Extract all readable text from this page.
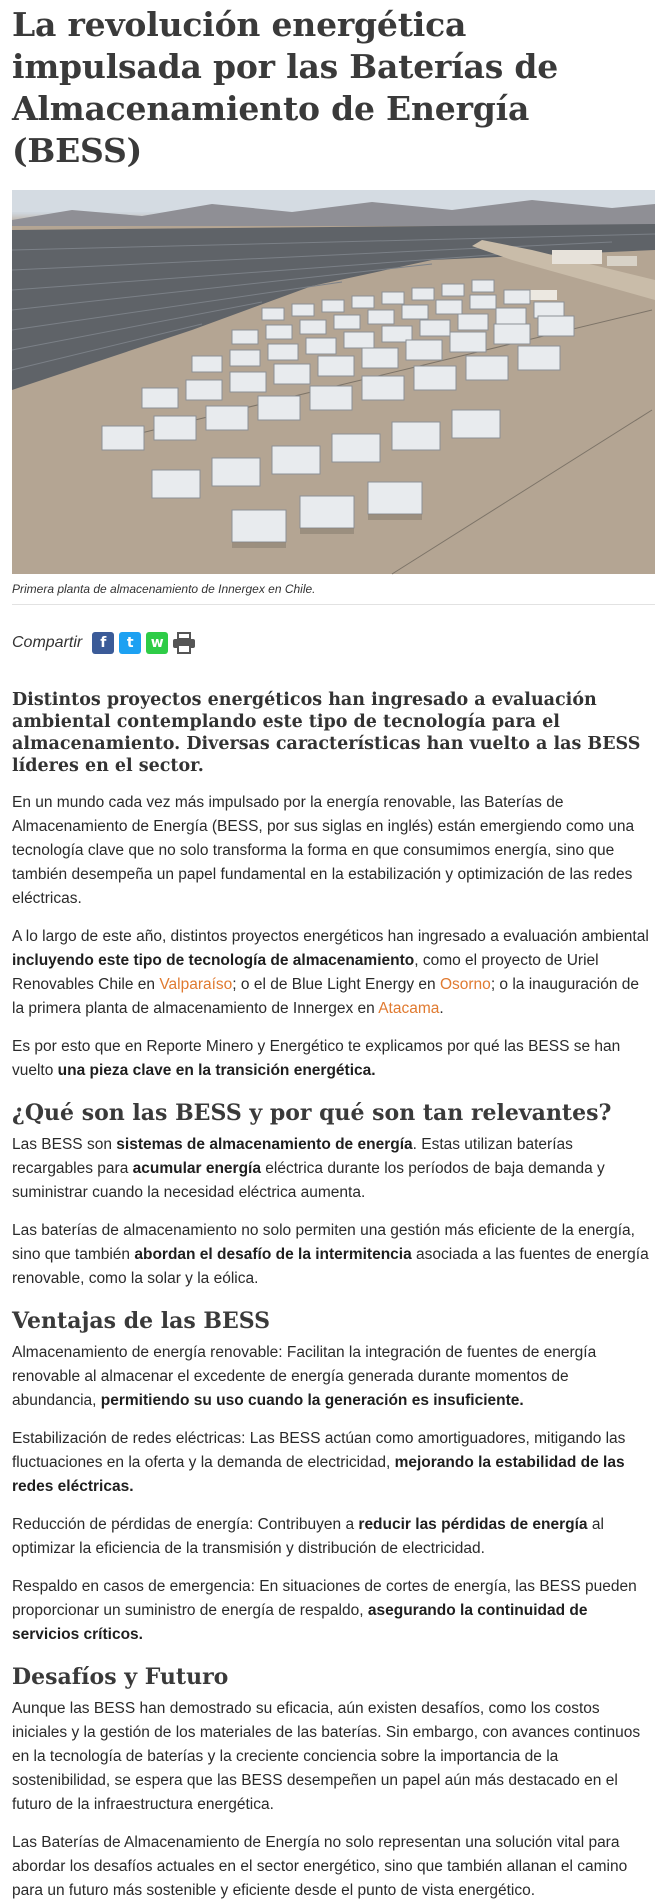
La revolución energética impulsada por las Baterías de Almacenamiento de Energía (BESS)
Primera planta de almacenamiento de Innergex en Chile.
Compartir f t w
Distintos proyectos energéticos han ingresado a evaluación ambiental contemplando este tipo de tecnología para el almacenamiento. Diversas características han vuelto a las BESS líderes en el sector.

En un mundo cada vez más impulsado por la energía renovable, las Baterías de Almacenamiento de Energía (BESS, por sus siglas en inglés) están emergiendo como una tecnología clave que no solo transforma la forma en que consumimos energía, sino que también desempeña un papel fundamental en la estabilización y optimización de las redes eléctricas.

A lo largo de este año, distintos proyectos energéticos han ingresado a evaluación ambiental incluyendo este tipo de tecnología de almacenamiento, como el proyecto de Uriel Renovables Chile en Valparaíso; o el de Blue Light Energy en Osorno; o la inauguración de la primera planta de almacenamiento de Innergex en Atacama.

Es por esto que en Reporte Minero y Energético te explicamos por qué las BESS se han vuelto una pieza clave en la transición energética.

¿Qué son las BESS y por qué son tan relevantes?

Las BESS son sistemas de almacenamiento de energía. Estas utilizan baterías recargables para acumular energía eléctrica durante los períodos de baja demanda y suministrar cuando la necesidad eléctrica aumenta.

Las baterías de almacenamiento no solo permiten una gestión más eficiente de la energía, sino que también abordan el desafío de la intermitencia asociada a las fuentes de energía renovable, como la solar y la eólica.

Ventajas de las BESS

Almacenamiento de energía renovable: Facilitan la integración de fuentes de energía renovable al almacenar el excedente de energía generada durante momentos de abundancia, permitiendo su uso cuando la generación es insuficiente.

Estabilización de redes eléctricas: Las BESS actúan como amortiguadores, mitigando las fluctuaciones en la oferta y la demanda de electricidad, mejorando la estabilidad de las redes eléctricas.

Reducción de pérdidas de energía: Contribuyen a reducir las pérdidas de energía al optimizar la eficiencia de la transmisión y distribución de electricidad.

Respaldo en casos de emergencia: En situaciones de cortes de energía, las BESS pueden proporcionar un suministro de energía de respaldo, asegurando la continuidad de servicios críticos.

Desafíos y Futuro

Aunque las BESS han demostrado su eficacia, aún existen desafíos, como los costos iniciales y la gestión de los materiales de las baterías. Sin embargo, con avances continuos en la tecnología de baterías y la creciente conciencia sobre la importancia de la sostenibilidad, se espera que las BESS desempeñen un papel aún más destacado en el futuro de la infraestructura energética.

Las Baterías de Almacenamiento de Energía no solo representan una solución vital para abordar los desafíos actuales en el sector energético, sino que también allanan el camino para un futuro más sostenible y eficiente desde el punto de vista energético.
